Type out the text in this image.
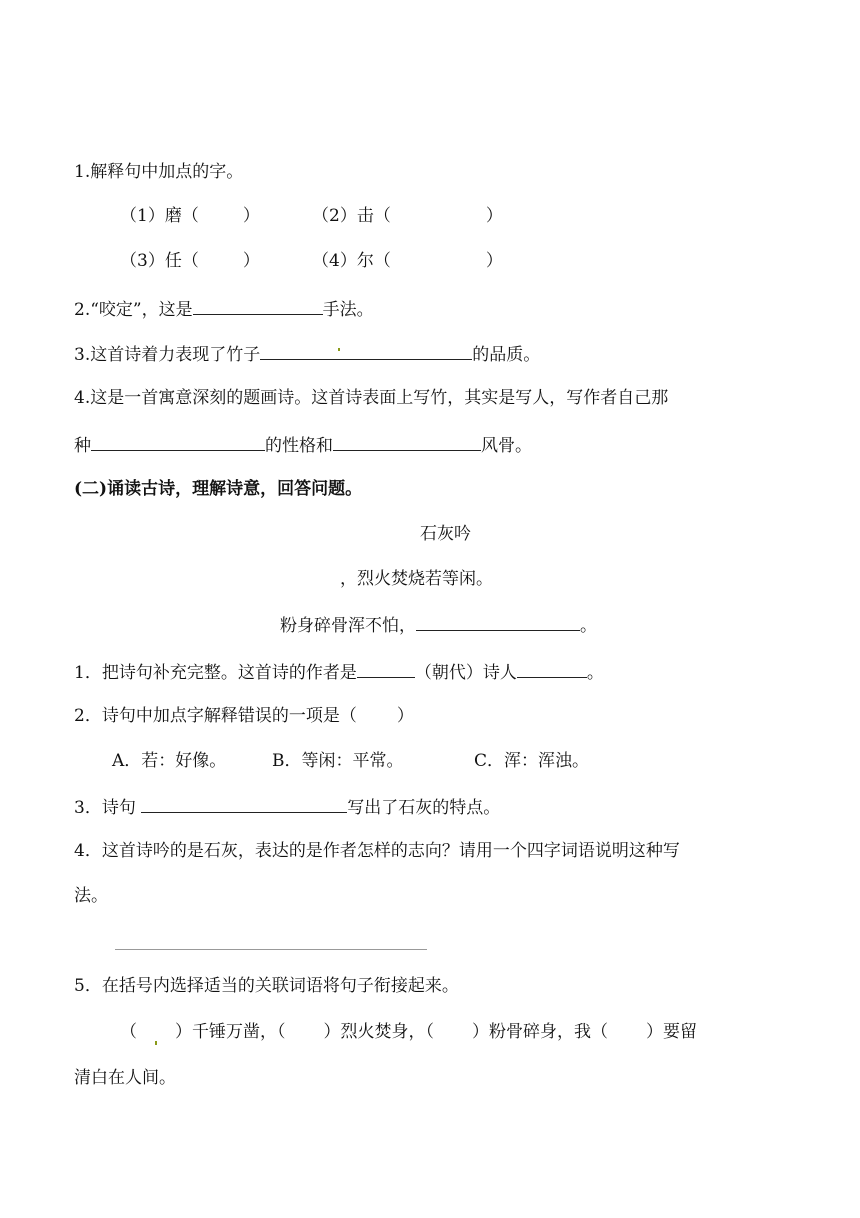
1.解释句中加点的字。
（1）磨（	）	（2）击（	）
（3）任（	）	（4）尔（	）
2.“咬定”，这是	手法。
3.这首诗着力表现了竹子	的品质。
4.这是一首寓意深刻的题画诗。这首诗表面上写竹，其实是写人，写作者自己那
种	的性格和	风骨。
(二)诵读古诗，理解诗意，回答问题。
石灰吟
，烈火焚烧若等闲。
粉身碎骨浑不怕，	。
1．把诗句补充完整。这首诗的作者是	（朝代）诗人	。
2．诗句中加点字解释错误的一项是（ ）
A．若：好像。	B．等闲：平常。	C．浑：浑浊。
3．诗句	写出了石灰的特点。
4．这首诗吟的是石灰，表达的是作者怎样的志向？请用一个四字词语说明这种写
法。
5．在括号内选择适当的关联词语将句子衔接起来。
（ ）千锤万凿，（ ）烈火焚身，（ ）粉骨碎身，我（ ）要留
清白在人间。
